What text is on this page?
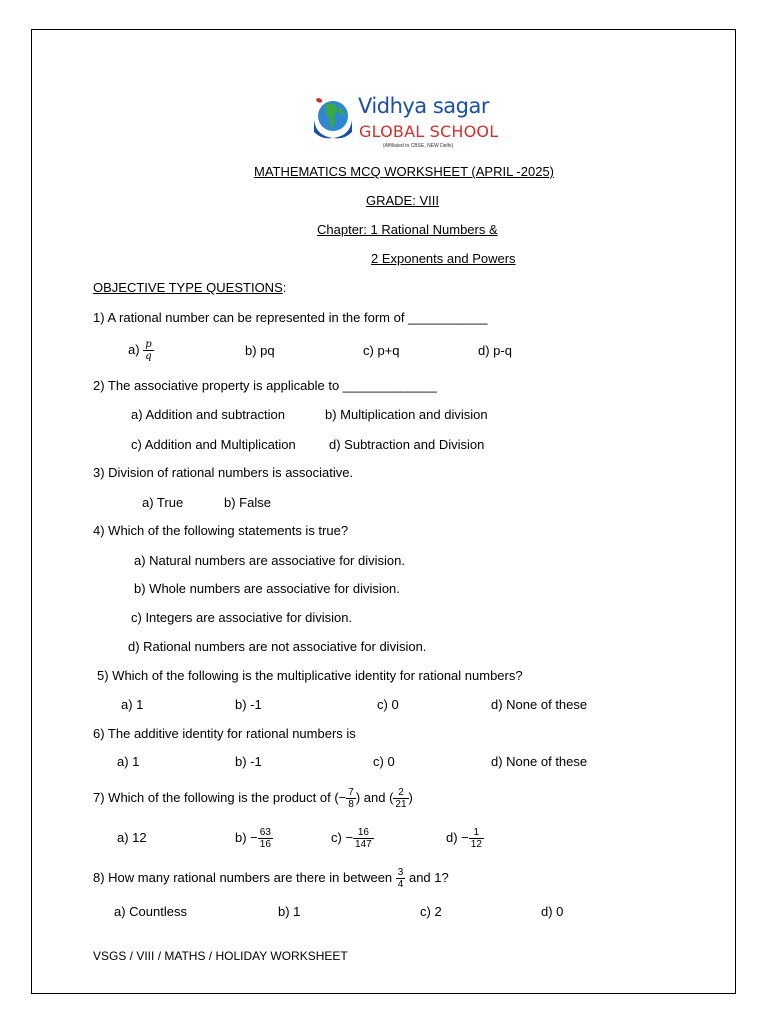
Vidhya sagar
GLOBAL SCHOOL
(Affiliated to CBSE, NEW Delhi)
MATHEMATICS MCQ WORKSHEET (APRIL -2025)
GRADE: VIII
Chapter: 1 Rational Numbers &
2 Exponents and Powers
OBJECTIVE TYPE QUESTIONS:
1) A rational number can be represented in the form of ___________
$a) \frac{p}{q}$	b) pq	c) p+q	d) p-q
2) The associative property is applicable to _____________
a) Addition and subtraction	b) Multiplication and division
c) Addition and Multiplication	d) Subtraction and Division
3) Division of rational numbers is associative.
a) True	b) False
4) Which of the following statements is true?
a) Natural numbers are associative for division.
b) Whole numbers are associative for division.
c) Integers are associative for division.
d) Rational numbers are not associative for division.
5) Which of the following is the multiplicative identity for rational numbers?
a) 1	b) -1	c) 0	d) None of these
6) The additive identity for rational numbers is
a) 1	b) -1	c) 0	d) None of these
7) Which of the following is the product of (− $\frac{7}{8}$ ) and ( $\frac{2}{21}$ )
a) 12	$b) - \frac{63}{16}$	$c) - \frac{16}{147}$	$d) - \frac{1}{12}$
8) How many rational numbers are there in between $\frac{3}{4}$ and 1?
a) Countless	b) 1	c) 2	d) 0
VSGS / VIII / MATHS / HOLIDAY WORKSHEET
